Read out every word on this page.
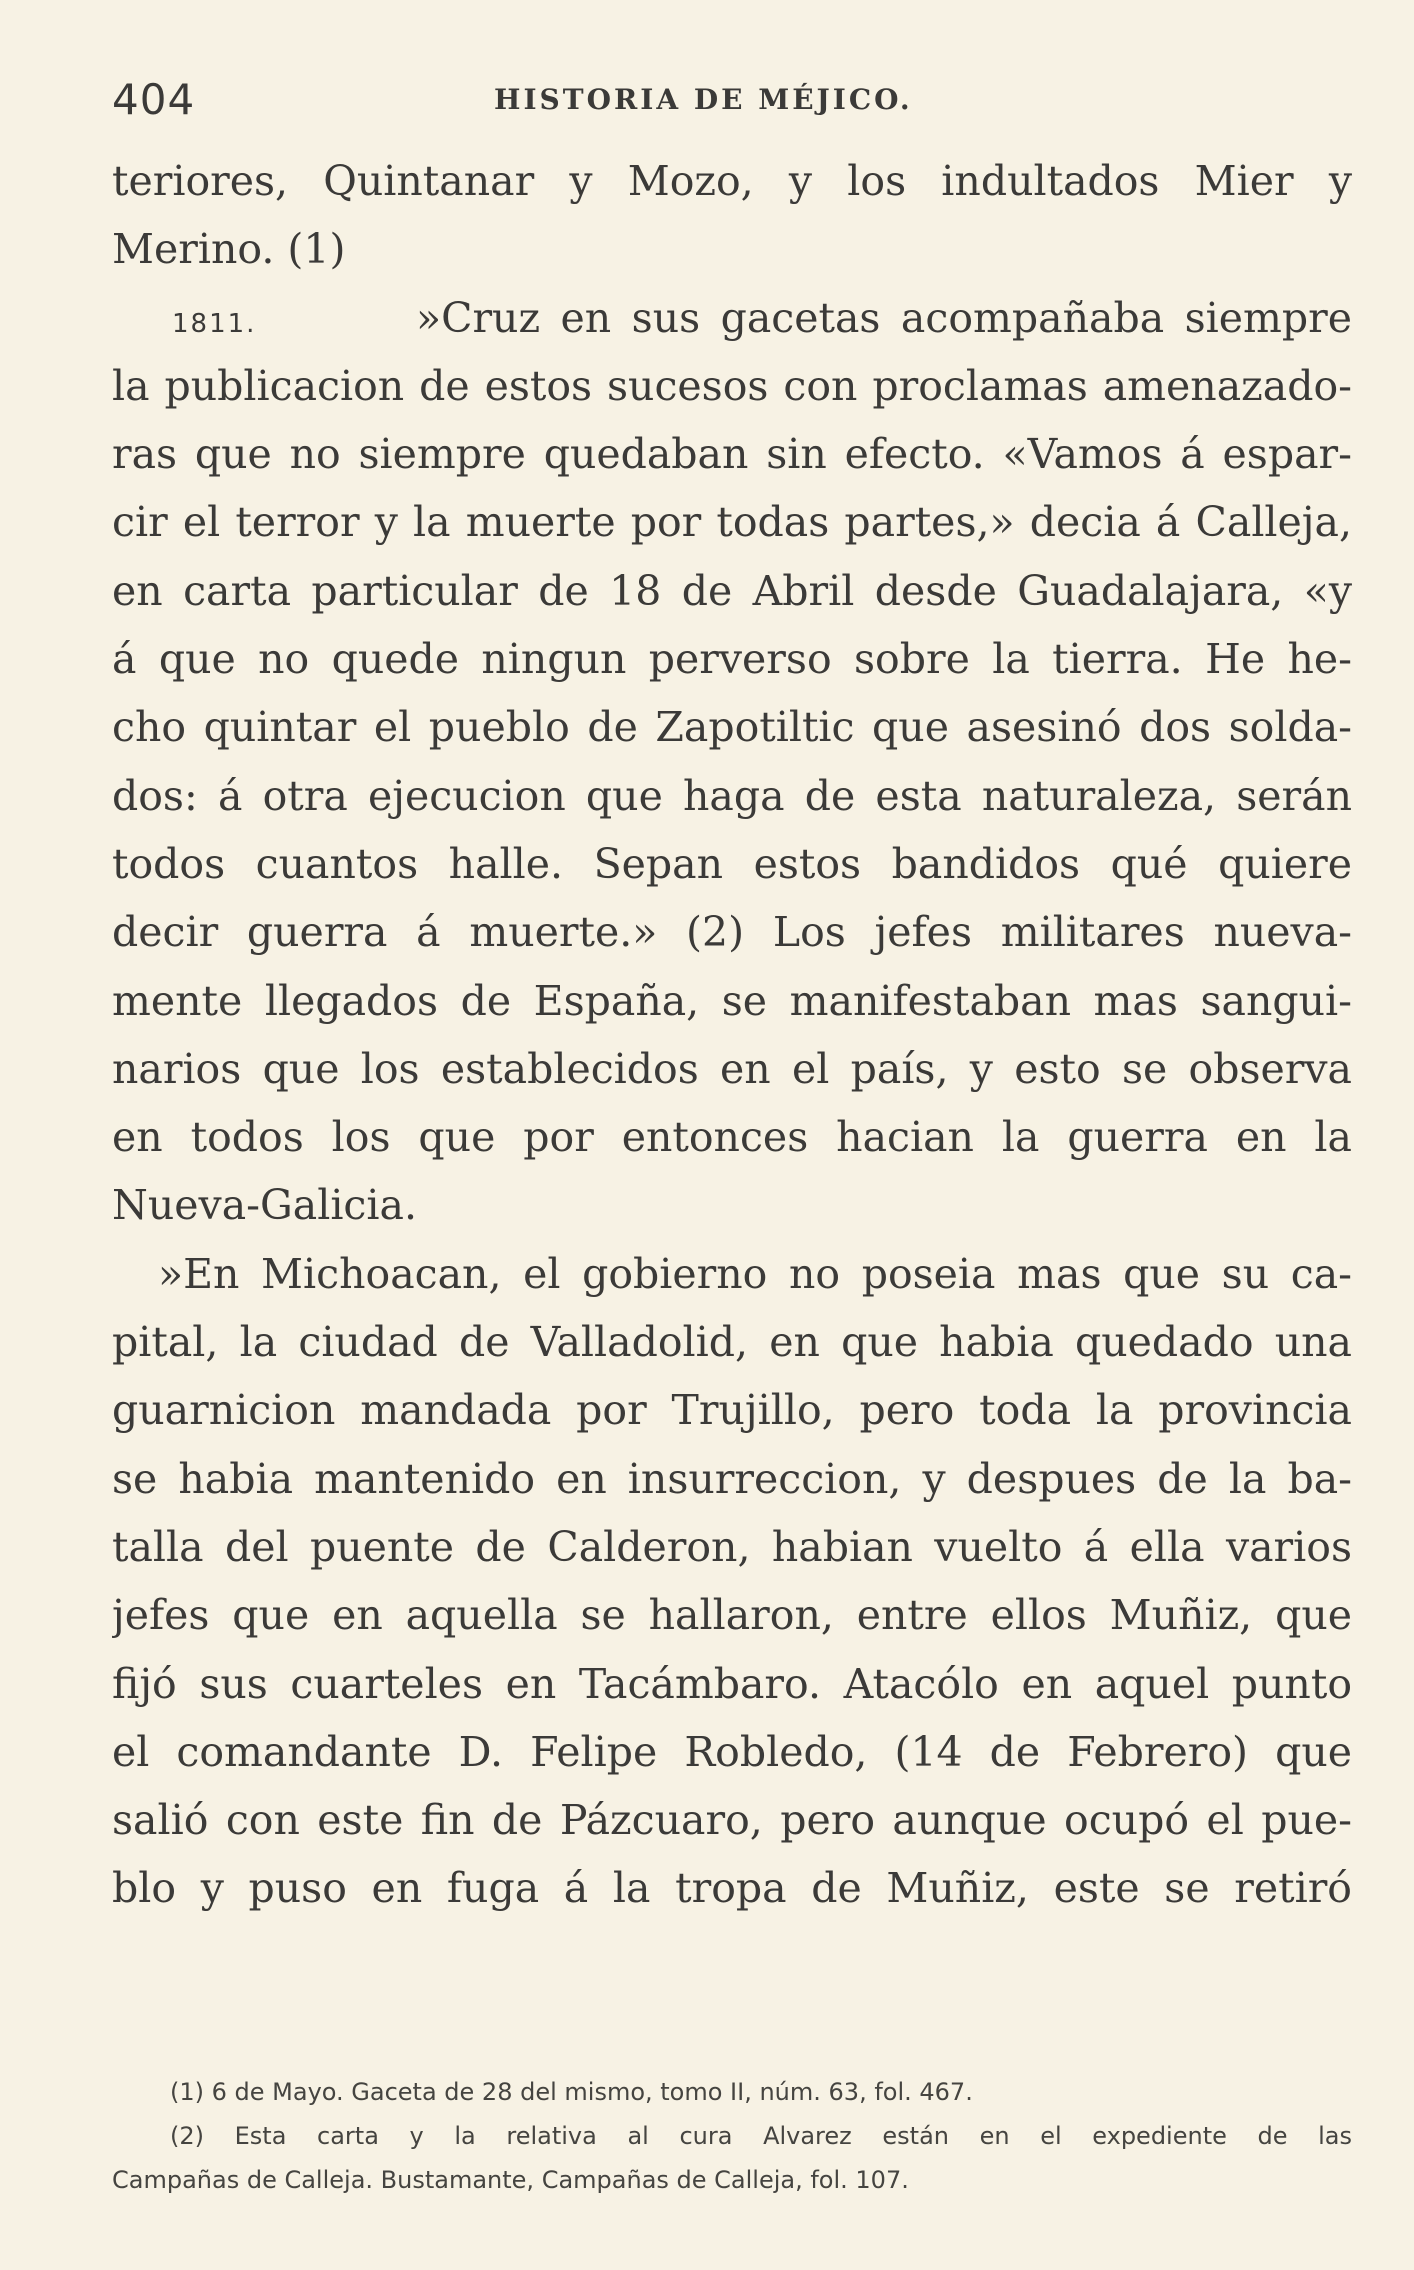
404	HISTORIA DE MÉJICO.
teriores, Quintanar y Mozo, y los indultados Mier y
Merino. (1)
1811.	»Cruz en sus gacetas acompañaba siempre
la publicacion de estos sucesos con proclamas amenazado-
ras que no siempre quedaban sin efecto. «Vamos á espar-
cir el terror y la muerte por todas partes,» decia á Calleja,
en carta particular de 18 de Abril desde Guadalajara, «y
á que no quede ningun perverso sobre la tierra. He he-
cho quintar el pueblo de Zapotiltic que asesinó dos solda-
dos: á otra ejecucion que haga de esta naturaleza, serán
todos cuantos halle. Sepan estos bandidos qué quiere
decir guerra á muerte.» (2) Los jefes militares nueva-
mente llegados de España, se manifestaban mas sangui-
narios que los establecidos en el país, y esto se observa
en todos los que por entonces hacian la guerra en la
Nueva-Galicia.
»En Michoacan, el gobierno no poseia mas que su ca-
pital, la ciudad de Valladolid, en que habia quedado una
guarnicion mandada por Trujillo, pero toda la provincia
se habia mantenido en insurreccion, y despues de la ba-
talla del puente de Calderon, habian vuelto á ella varios
jefes que en aquella se hallaron, entre ellos Muñiz, que
fijó sus cuarteles en Tacámbaro. Atacólo en aquel punto
el comandante D. Felipe Robledo, (14 de Febrero) que
salió con este fin de Pázcuaro, pero aunque ocupó el pue-
blo y puso en fuga á la tropa de Muñiz, este se retiró
(1) 6 de Mayo. Gaceta de 28 del mismo, tomo II, núm. 63, fol. 467.
(2) Esta carta y la relativa al cura Alvarez están en el expediente de las
Campañas de Calleja. Bustamante, Campañas de Calleja, fol. 107.
